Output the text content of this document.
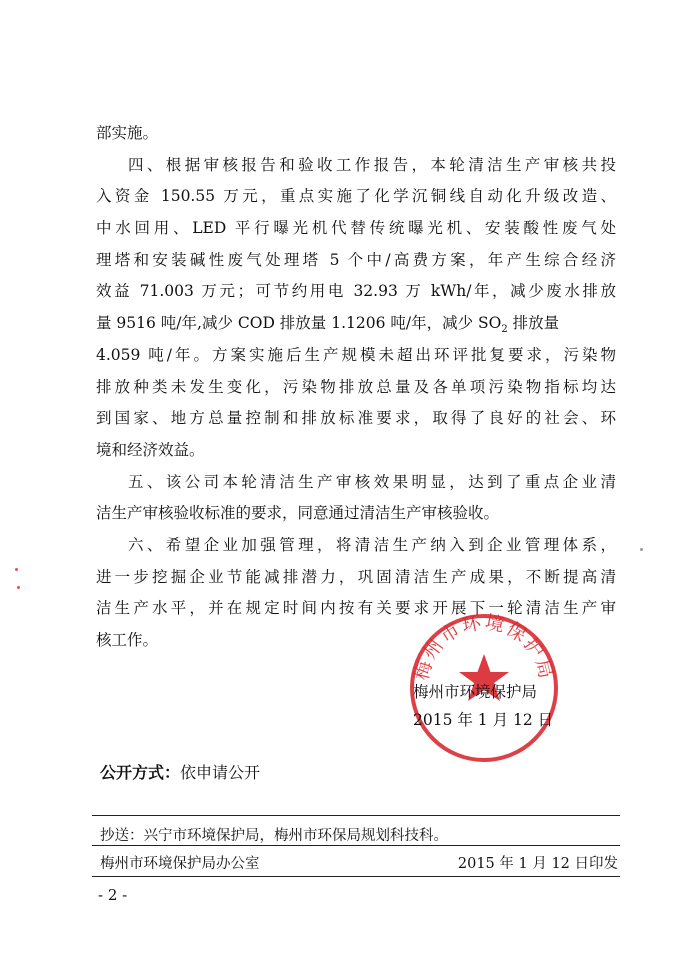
部实施。
四、根据审核报告和验收工作报告，本轮清洁生产审核共投
入资金 150.55 万元，重点实施了化学沉铜线自动化升级改造、
中水回用、LED 平行曝光机代替传统曝光机、安装酸性废气处
理塔和安装碱性废气处理塔 5 个中/高费方案，年产生综合经济
效益 71.003 万元；可节约用电 32.93 万 kWh/年，减少废水排放
量 9516 吨/年,减少 COD 排放量 1.1206 吨/年，减少 $SO_2$ 排放量
4.059 吨/年。方案实施后生产规模未超出环评批复要求，污染物
排放种类未发生变化，污染物排放总量及各单项污染物指标均达
到国家、地方总量控制和排放标准要求，取得了良好的社会、环
境和经济效益。
五、该公司本轮清洁生产审核效果明显，达到了重点企业清
洁生产审核验收标准的要求，同意通过清洁生产审核验收。
六、希望企业加强管理，将清洁生产纳入到企业管理体系，
进一步挖掘企业节能减排潜力，巩固清洁生产成果，不断提高清
洁生产水平，并在规定时间内按有关要求开展下一轮清洁生产审
核工作。
梅州市环境保护局
梅州市环境保护局
2015 年 1 月 12 日
公开方式：依申请公开
抄送：兴宁市环境保护局，梅州市环保局规划科技科。
梅州市环境保护局办公室	2015 年 1 月 12 日印发
- 2 -
